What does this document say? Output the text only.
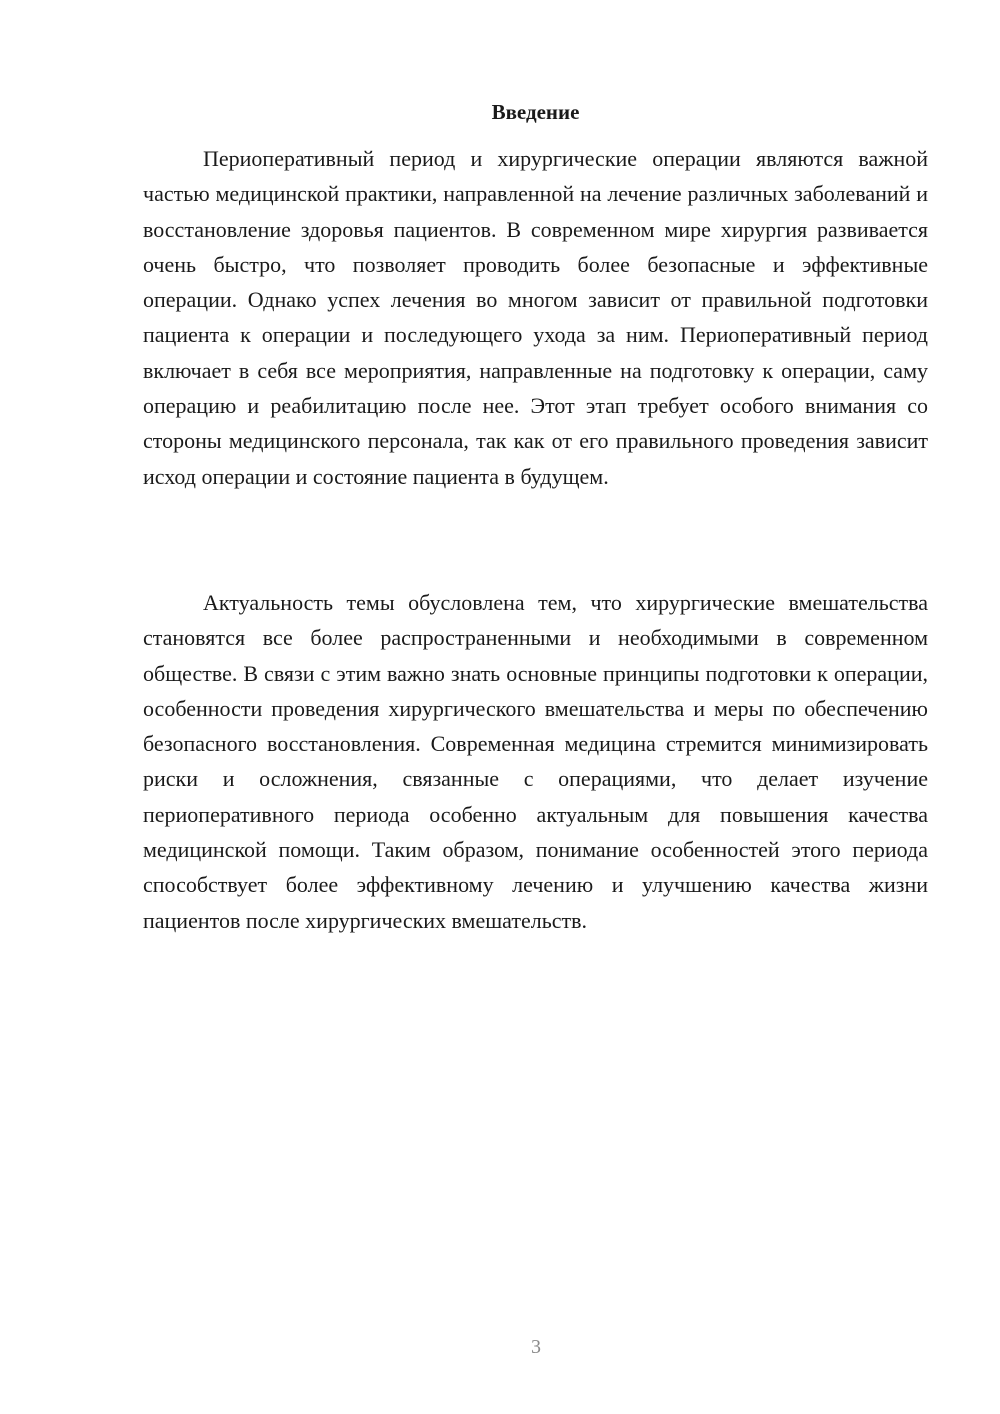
Введение

Периоперативный период и хирургические операции являются важной частью медицинской практики, направленной на лечение различных заболеваний и восстановление здоровья пациентов. В современном мире хирургия развивается очень быстро, что позволяет проводить более безопасные и эффективные операции. Однако успех лечения во многом зависит от правильной подготовки пациента к операции и последующего ухода за ним. Периоперативный период включает в себя все мероприятия, направленные на подготовку к операции, саму операцию и реабилитацию после нее. Этот этап требует особого внимания со стороны медицинского персонала, так как от его правильного проведения зависит исход операции и состояние пациента в будущем.

Актуальность темы обусловлена тем, что хирургические вмешательства становятся все более распространенными и необходимыми в современном обществе. В связи с этим важно знать основные принципы подготовки к операции, особенности проведения хирургического вмешательства и меры по обеспечению безопасного восстановления. Современная медицина стремится минимизировать риски и осложнения, связанные с операциями, что делает изучение периоперативного периода особенно актуальным для повышения качества медицинской помощи. Таким образом, понимание особенностей этого периода способствует более эффективному лечению и улучшению качества жизни пациентов после хирургических вмешательств.

3
